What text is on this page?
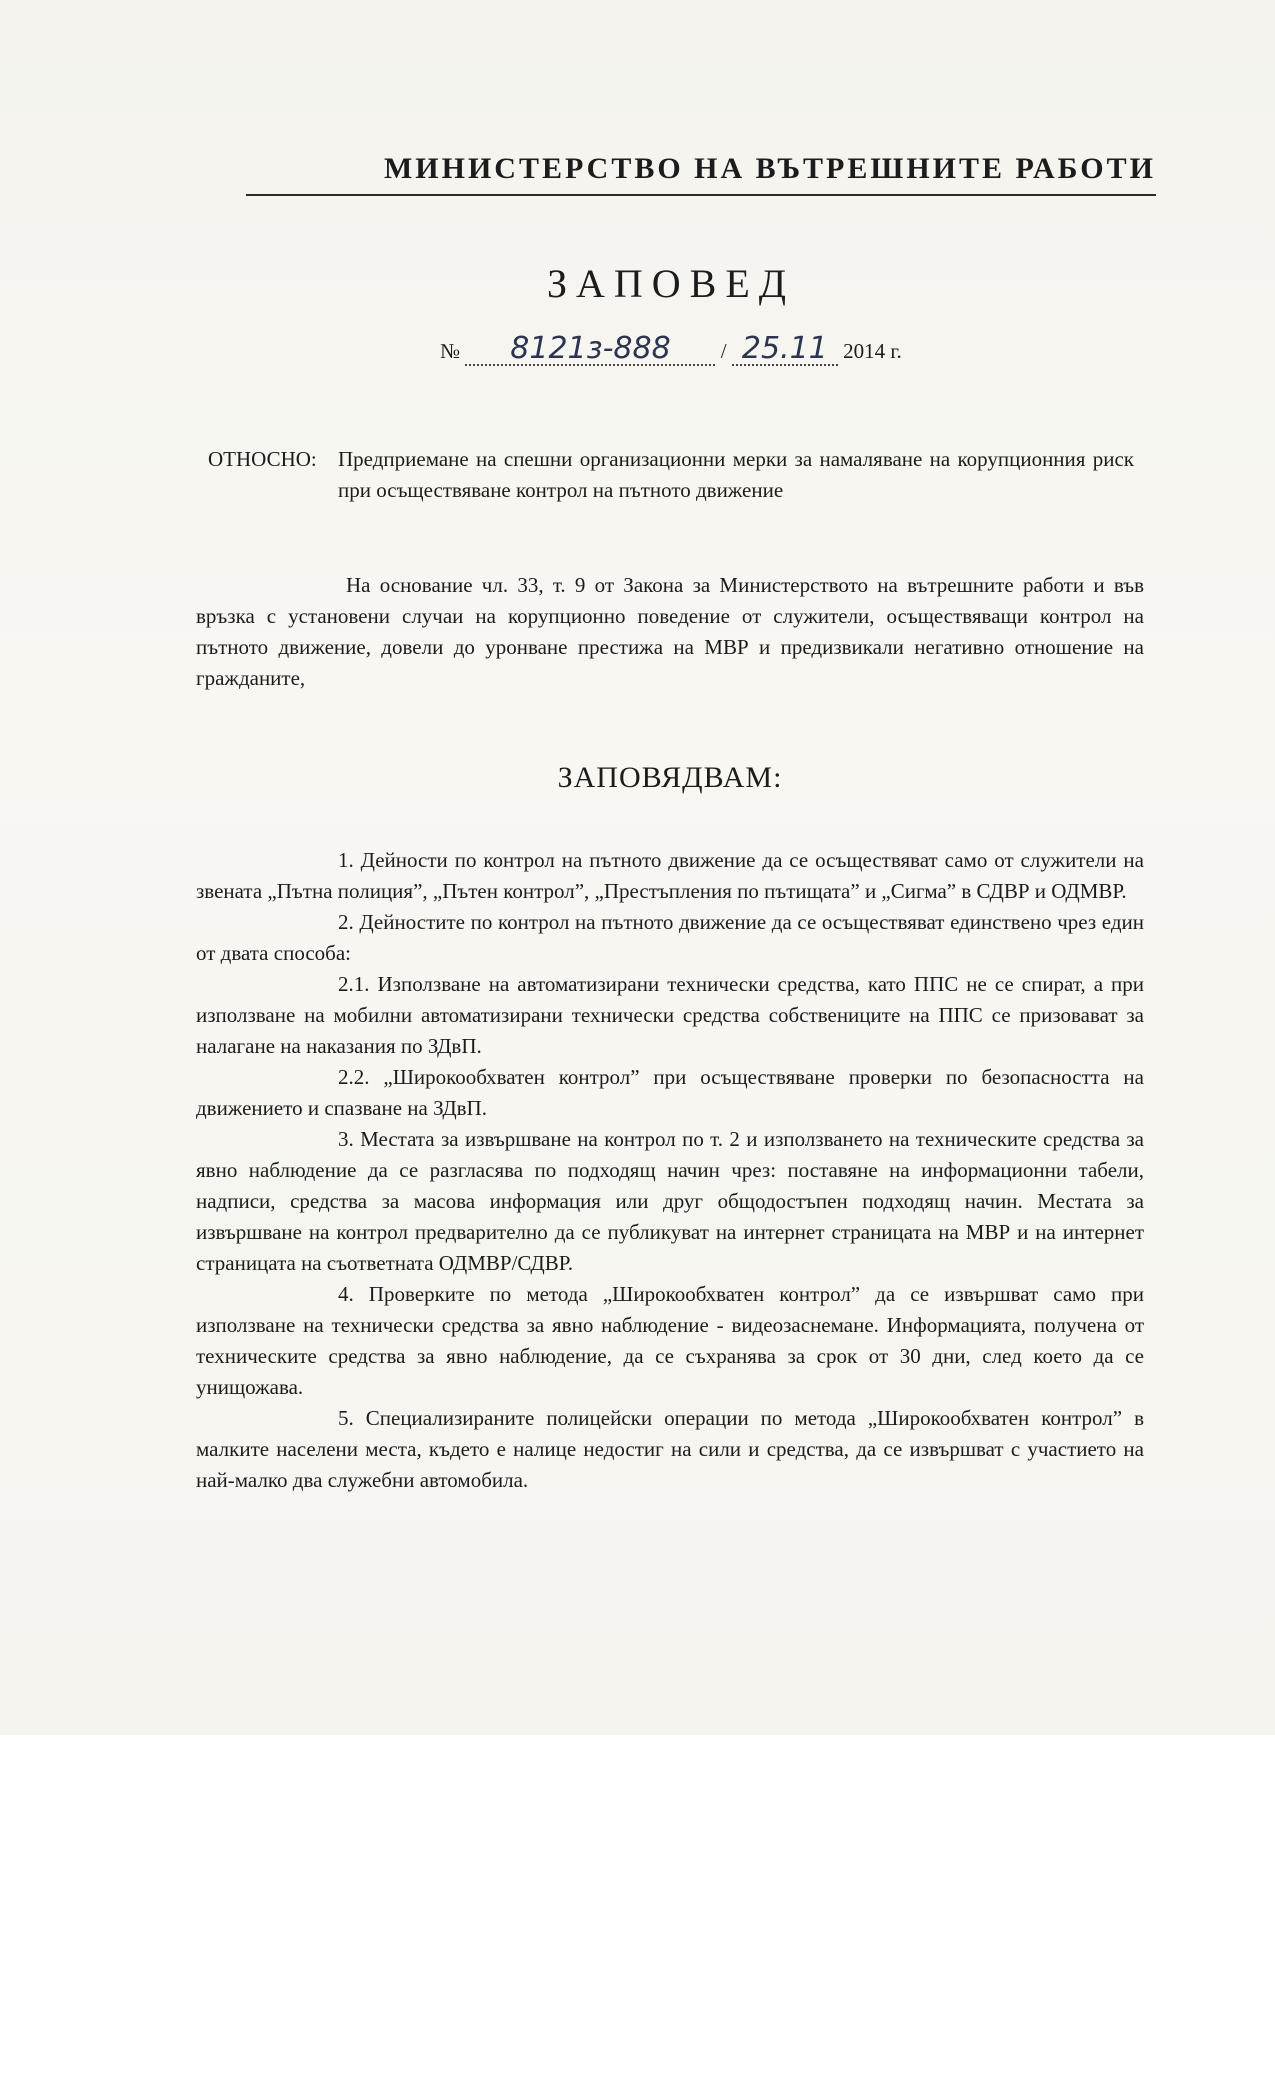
МИНИСТЕРСТВО НА ВЪТРЕШНИТЕ РАБОТИ
ЗАПОВЕД
№ 8121з-888 / 25.11 2014 г.
ОТНОСНО: Предприемане на спешни организационни мерки за намаляване на корупционния риск при осъществяване контрол на пътното движение
На основание чл. 33, т. 9 от Закона за Министерството на вътрешните работи и във връзка с установени случаи на корупционно поведение от служители, осъществяващи контрол на пътното движение, довели до уронване престижа на МВР и предизвикали негативно отношение на гражданите,
ЗАПОВЯДВАМ:

1. Дейности по контрол на пътното движение да се осъществяват само от служители на звената „Пътна полиция”, „Пътен контрол”, „Престъпления по пътищата” и „Сигма” в СДВР и ОДМВР.

2. Дейностите по контрол на пътното движение да се осъществяват единствено чрез един от двата способа:

2.1. Използване на автоматизирани технически средства, като ППС не се спират, а при използване на мобилни автоматизирани технически средства собствениците на ППС се призовават за налагане на наказания по ЗДвП.

2.2. „Широкообхватен контрол” при осъществяване проверки по безопасността на движението и спазване на ЗДвП.

3. Местата за извършване на контрол по т. 2 и използването на техническите средства за явно наблюдение да се разгласява по подходящ начин чрез: поставяне на информационни табели, надписи, средства за масова информация или друг общодостъпен подходящ начин. Местата за извършване на контрол предварително да се публикуват на интернет страницата на МВР и на интернет страницата на съответната ОДМВР/СДВР.

4. Проверките по метода „Широкообхватен контрол” да се извършват само при използване на технически средства за явно наблюдение - видеозаснемане. Информацията, получена от техническите средства за явно наблюдение, да се съхранява за срок от 30 дни, след което да се унищожава.

5. Специализираните полицейски операции по метода „Широкообхватен контрол” в малките населени места, където е налице недостиг на сили и средства, да се извършват с участието на най-малко два служебни автомобила.
